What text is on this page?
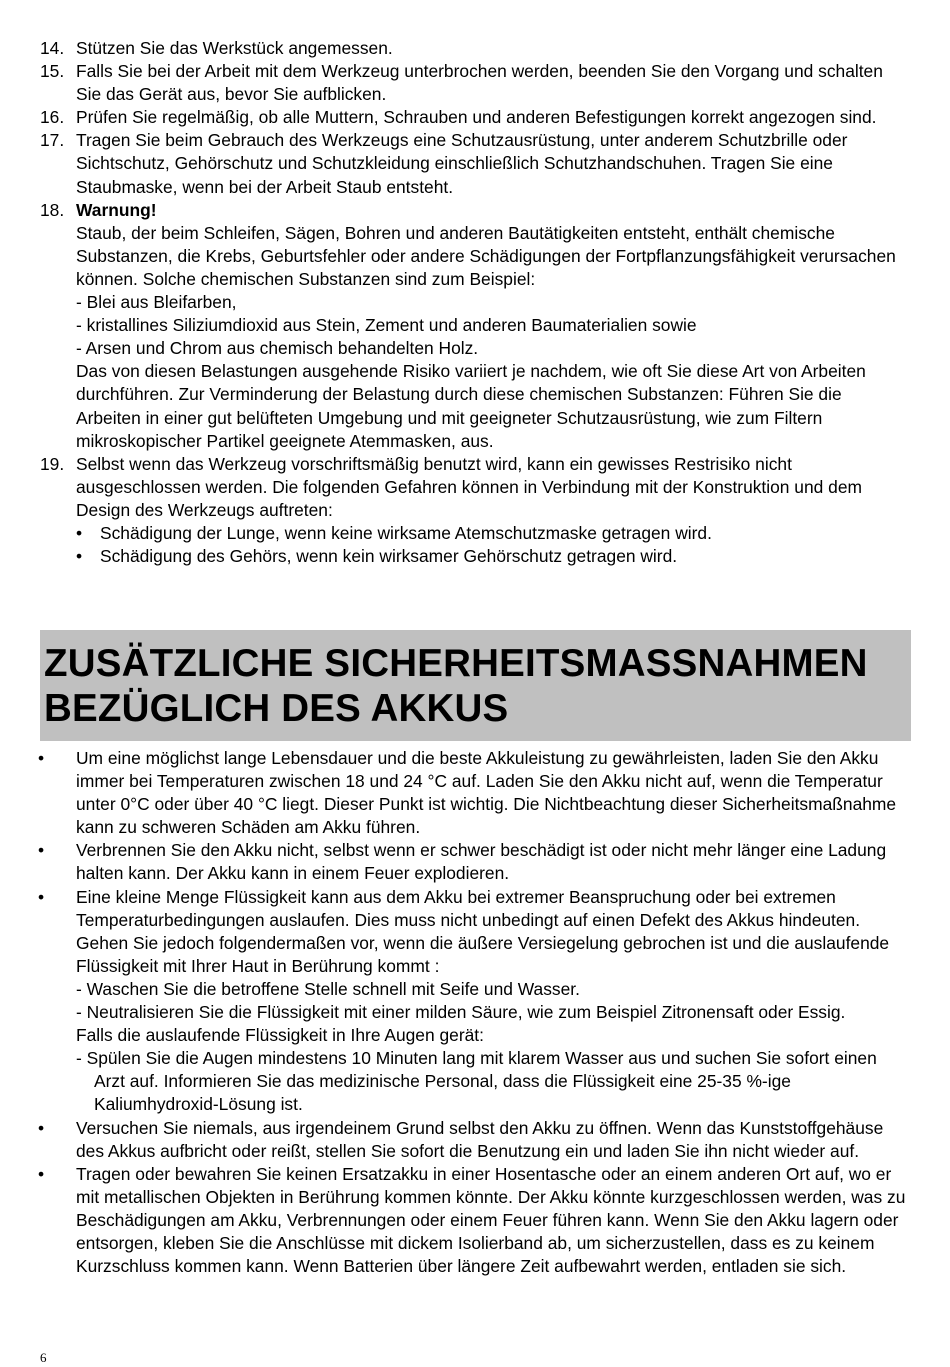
14. Stützen Sie das Werkstück angemessen.

15. Falls Sie bei der Arbeit mit dem Werkzeug unterbrochen werden, beenden Sie den Vorgang und schalten Sie das Gerät aus, bevor Sie aufblicken.

16. Prüfen Sie regelmäßig, ob alle Muttern, Schrauben und anderen Befestigungen korrekt angezogen sind.

17. Tragen Sie beim Gebrauch des Werkzeugs eine Schutzausrüstung, unter anderem Schutzbrille oder Sichtschutz, Gehörschutz und Schutzkleidung einschließlich Schutzhandschuhen. Tragen Sie eine Staubmaske, wenn bei der Arbeit Staub entsteht.

18. Warnung!

Staub, der beim Schleifen, Sägen, Bohren und anderen Bautätigkeiten entsteht, enthält chemische Substanzen, die Krebs, Geburtsfehler oder andere Schädigungen der Fortpflanzungsfähigkeit verursachen können. Solche chemischen Substanzen sind zum Beispiel:

- Blei aus Bleifarben,

- kristallines Siliziumdioxid aus Stein, Zement und anderen Baumaterialien sowie

- Arsen und Chrom aus chemisch behandelten Holz.

Das von diesen Belastungen ausgehende Risiko variiert je nachdem, wie oft Sie diese Art von Arbeiten durchführen. Zur Verminderung der Belastung durch diese chemischen Substanzen: Führen Sie die Arbeiten in einer gut belüfteten Umgebung und mit geeigneter Schutzausrüstung, wie zum Filtern mikroskopischer Partikel geeignete Atemmasken, aus.

19. Selbst wenn das Werkzeug vorschriftsmäßig benutzt wird, kann ein gewisses Restrisiko nicht ausgeschlossen werden. Die folgenden Gefahren können in Verbindung mit der Konstruktion und dem Design des Werkzeugs auftreten:

• Schädigung der Lunge, wenn keine wirksame Atemschutzmaske getragen wird.

• Schädigung des Gehörs, wenn kein wirksamer Gehörschutz getragen wird.

ZUSÄTZLICHE SICHERHEITSMASSNAHMEN
BEZÜGLICH DES AKKUS
• Um eine möglichst lange Lebensdauer und die beste Akkuleistung zu gewährleisten, laden Sie den Akku immer bei Temperaturen zwischen 18 und 24 °C auf. Laden Sie den Akku nicht auf, wenn die Temperatur unter 0°C oder über 40 °C liegt. Dieser Punkt ist wichtig. Die Nichtbeachtung dieser Sicherheitsmaßnahme kann zu schweren Schäden am Akku führen.

• Verbrennen Sie den Akku nicht, selbst wenn er schwer beschädigt ist oder nicht mehr länger eine Ladung halten kann. Der Akku kann in einem Feuer explodieren.

• Eine kleine Menge Flüssigkeit kann aus dem Akku bei extremer Beanspruchung oder bei extremen Temperaturbedingungen auslaufen. Dies muss nicht unbedingt auf einen Defekt des Akkus hindeuten. Gehen Sie jedoch folgendermaßen vor, wenn die äußere Versiegelung gebrochen ist und die auslaufende Flüssigkeit mit Ihrer Haut in Berührung kommt :

- Waschen Sie die betroffene Stelle schnell mit Seife und Wasser.

- Neutralisieren Sie die Flüssigkeit mit einer milden Säure, wie zum Beispiel Zitronensaft oder Essig.

Falls die auslaufende Flüssigkeit in Ihre Augen gerät:

- Spülen Sie die Augen mindestens 10 Minuten lang mit klarem Wasser aus und suchen Sie sofort einen Arzt auf. Informieren Sie das medizinische Personal, dass die Flüssigkeit eine 25-35 %-ige Kaliumhydroxid-Lösung ist.

• Versuchen Sie niemals, aus irgendeinem Grund selbst den Akku zu öffnen. Wenn das Kunststoffgehäuse des Akkus aufbricht oder reißt, stellen Sie sofort die Benutzung ein und laden Sie ihn nicht wieder auf.

• Tragen oder bewahren Sie keinen Ersatzakku in einer Hosentasche oder an einem anderen Ort auf, wo er mit metallischen Objekten in Berührung kommen könnte. Der Akku könnte kurzgeschlossen werden, was zu Beschädigungen am Akku, Verbrennungen oder einem Feuer führen kann. Wenn Sie den Akku lagern oder entsorgen, kleben Sie die Anschlüsse mit dickem Isolierband ab, um sicherzustellen, dass es zu keinem Kurzschluss kommen kann. Wenn Batterien über längere Zeit aufbewahrt werden, entladen sie sich.

6
